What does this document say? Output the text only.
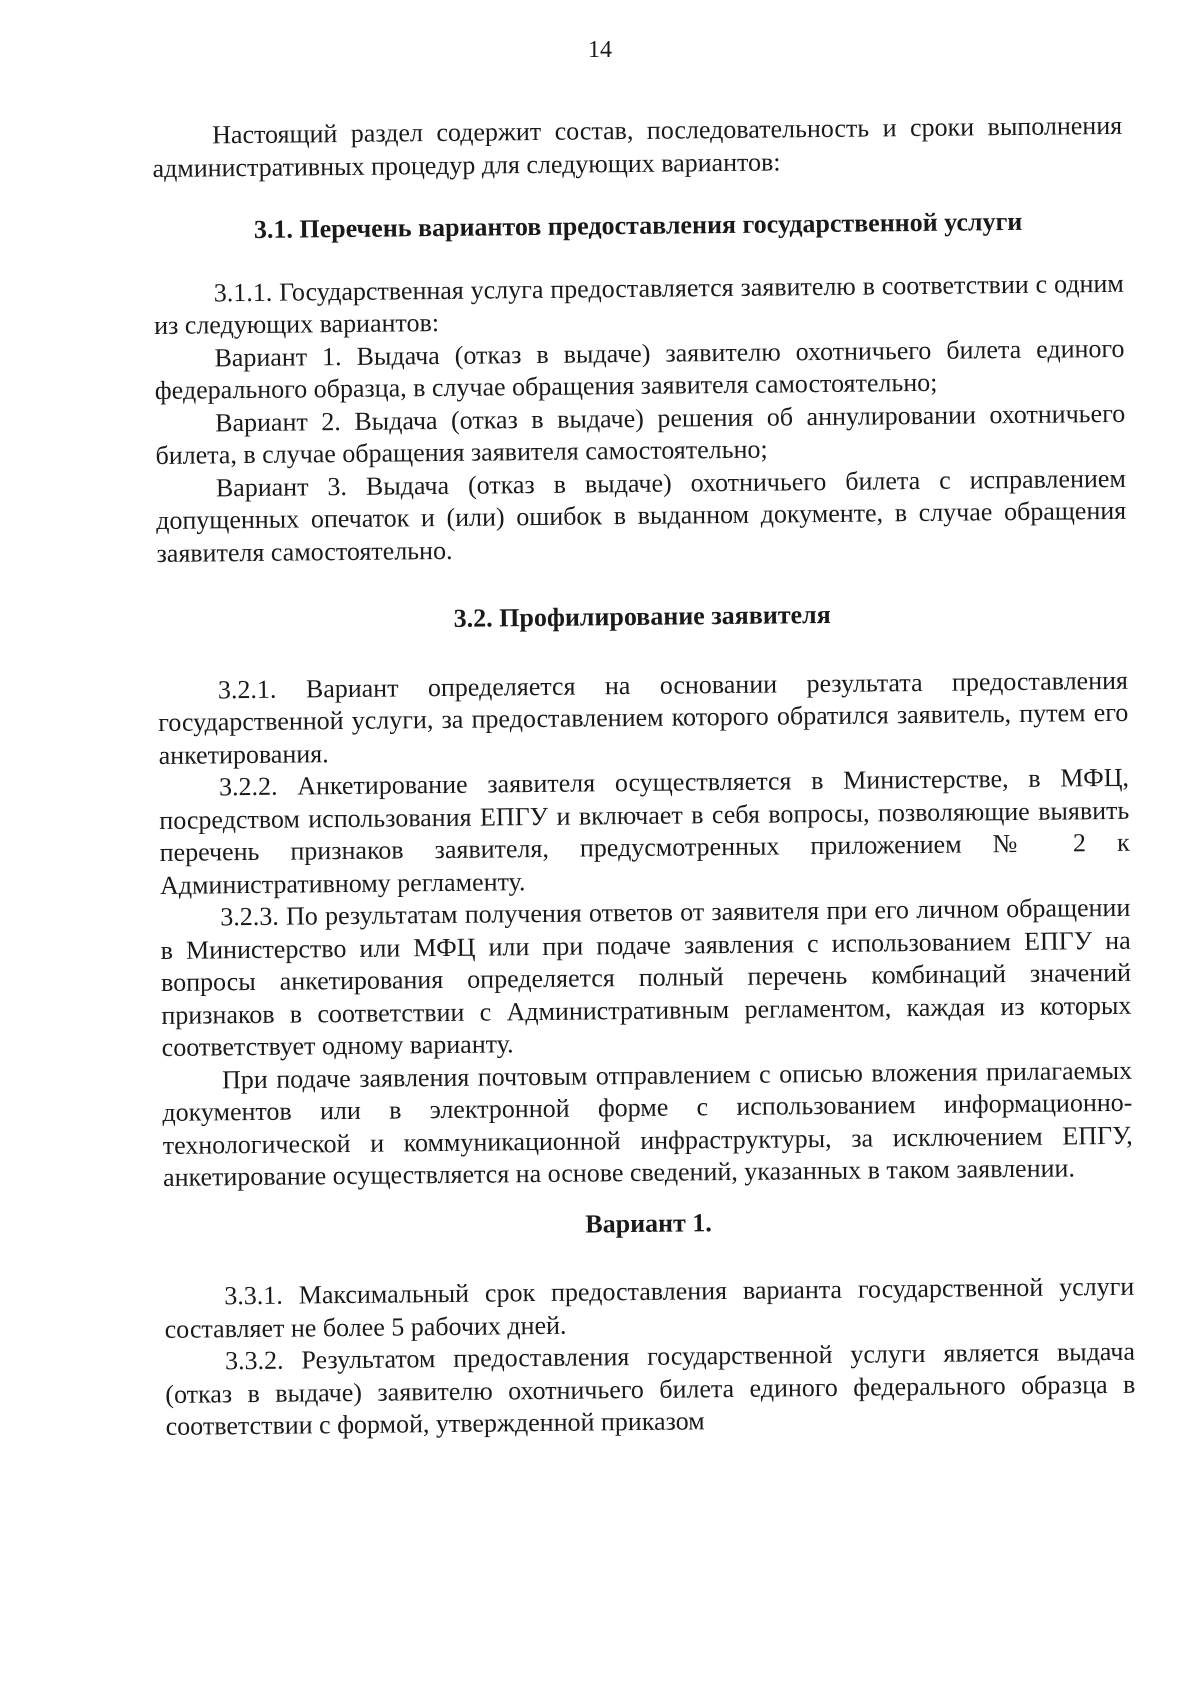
14

Настоящий раздел содержит состав, последовательность и сроки выполнения административных процедур для следующих вариантов:

3.1. Перечень вариантов предоставления государственной услуги

3.1.1. Государственная услуга предоставляется заявителю в соответствии с одним из следующих вариантов:

Вариант 1. Выдача (отказ в выдаче) заявителю охотничьего билета единого федерального образца, в случае обращения заявителя самостоятельно;

Вариант 2. Выдача (отказ в выдаче) решения об аннулировании охотничьего билета, в случае обращения заявителя самостоятельно;

Вариант 3. Выдача (отказ в выдаче) охотничьего билета с исправлением допущенных опечаток и (или) ошибок в выданном документе, в случае обращения заявителя самостоятельно.

3.2. Профилирование заявителя

3.2.1. Вариант определяется на основании результата предоставления государственной услуги, за предоставлением которого обратился заявитель, путем его анкетирования.

3.2.2. Анкетирование заявителя осуществляется в Министерстве, в МФЦ, посредством использования ЕПГУ и включает в себя вопросы, позволяющие выявить перечень признаков заявителя, предусмотренных приложением № 2 к Административному регламенту.

3.2.3. По результатам получения ответов от заявителя при его личном обращении в Министерство или МФЦ или при подаче заявления с использованием ЕПГУ на вопросы анкетирования определяется полный перечень комбинаций значений признаков в соответствии с Административным регламентом, каждая из которых соответствует одному варианту.

При подаче заявления почтовым отправлением с описью вложения прилагаемых документов или в электронной форме с использованием информационно-технологической и коммуникационной инфраструктуры, за исключением ЕПГУ, анкетирование осуществляется на основе сведений, указанных в таком заявлении.

Вариант 1.

3.3.1. Максимальный срок предоставления варианта государственной услуги составляет не более 5 рабочих дней.

3.3.2. Результатом предоставления государственной услуги является выдача (отказ в выдаче) заявителю охотничьего билета единого федерального образца в соответствии с формой, утвержденной приказом
